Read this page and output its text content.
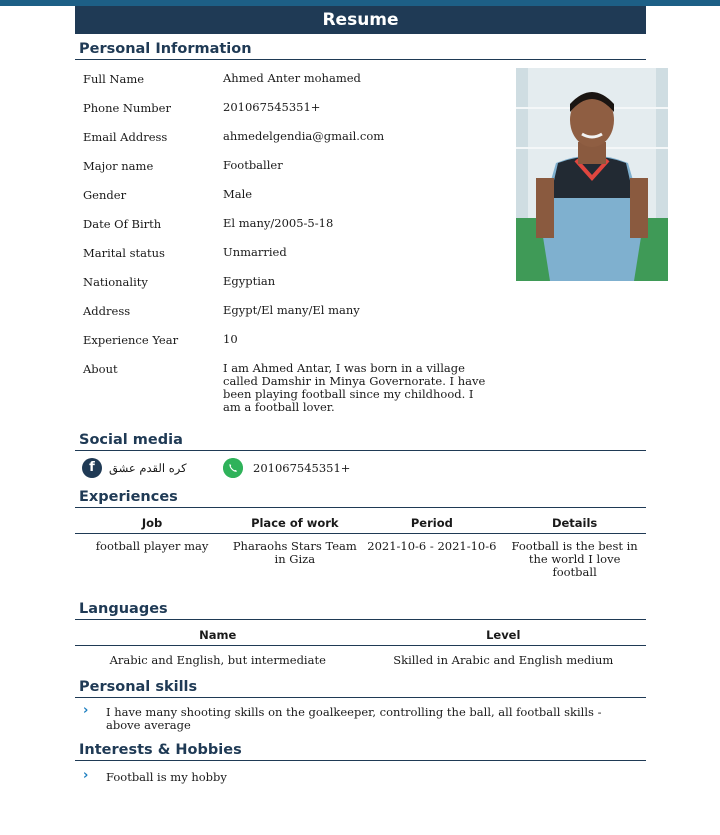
Resume
Personal Information
Full Name	Ahmed Anter mohamed
Phone Number	201067545351+
Email Address	ahmedelgendia@gmail.com
Major name	Footballer
Gender	Male
Date Of Birth	El many/2005-5-18
Marital status	Unmarried
Nationality	Egyptian
Address	Egypt/El many/El many
Experience Year	10
About	I am Ahmed Antar, I was born in a village called Damshir in Minya Governorate. I have been playing football since my childhood. I am a football lover.
Social media
f	كره القدم عشق	201067545351+
Experiences
Job	Place of work	Period	Details
football player may	Pharaohs Stars Team in Giza	2021-10-6 - 2021-10-6	Football is the best in the world I love football
Languages
Name	Level
Arabic and English, but intermediate	Skilled in Arabic and English medium
Personal skills
› I have many shooting skills on the goalkeeper, controlling the ball, all football skills - above average
Interests & Hobbies
› Football is my hobby
